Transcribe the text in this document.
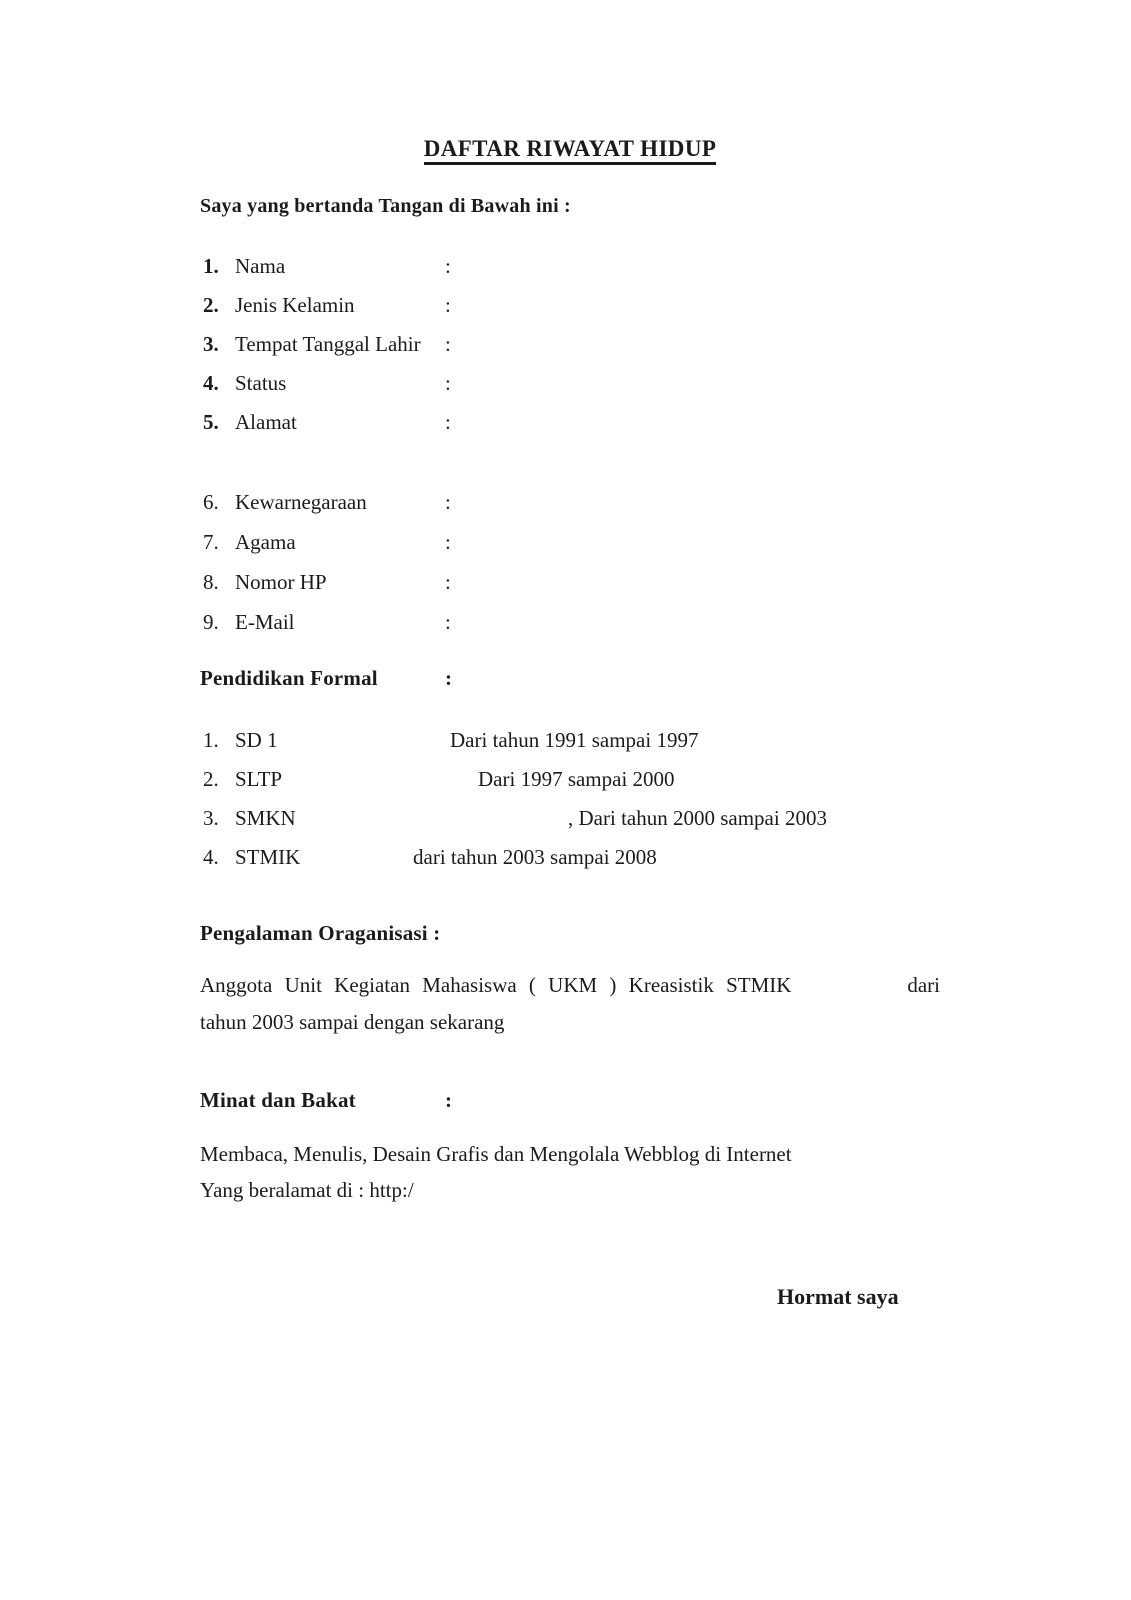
DAFTAR RIWAYAT HIDUP
Saya yang bertanda Tangan di Bawah ini :
1. Nama	:
2. Jenis Kelamin	:
3. Tempat Tanggal Lahir	:
4. Status	:
5. Alamat	:
6. Kewarnegaraan	:
7. Agama	:
8. Nomor HP	:
9. E-Mail	:
Pendidikan Formal	:
1. SD 1	Dari tahun 1991 sampai 1997
2. SLTP	Dari 1997 sampai 2000
3. SMKN	, Dari tahun 2000 sampai 2003
4. STMIK	dari tahun 2003 sampai 2008
Pengalaman Oraganisasi :
Anggota Unit Kegiatan Mahasiswa ( UKM ) Kreasistik STMIK	dari
tahun 2003 sampai dengan sekarang
Minat dan Bakat	:
Membaca, Menulis, Desain Grafis dan Mengolala Webblog di Internet
Yang beralamat di : http:/
Hormat saya
